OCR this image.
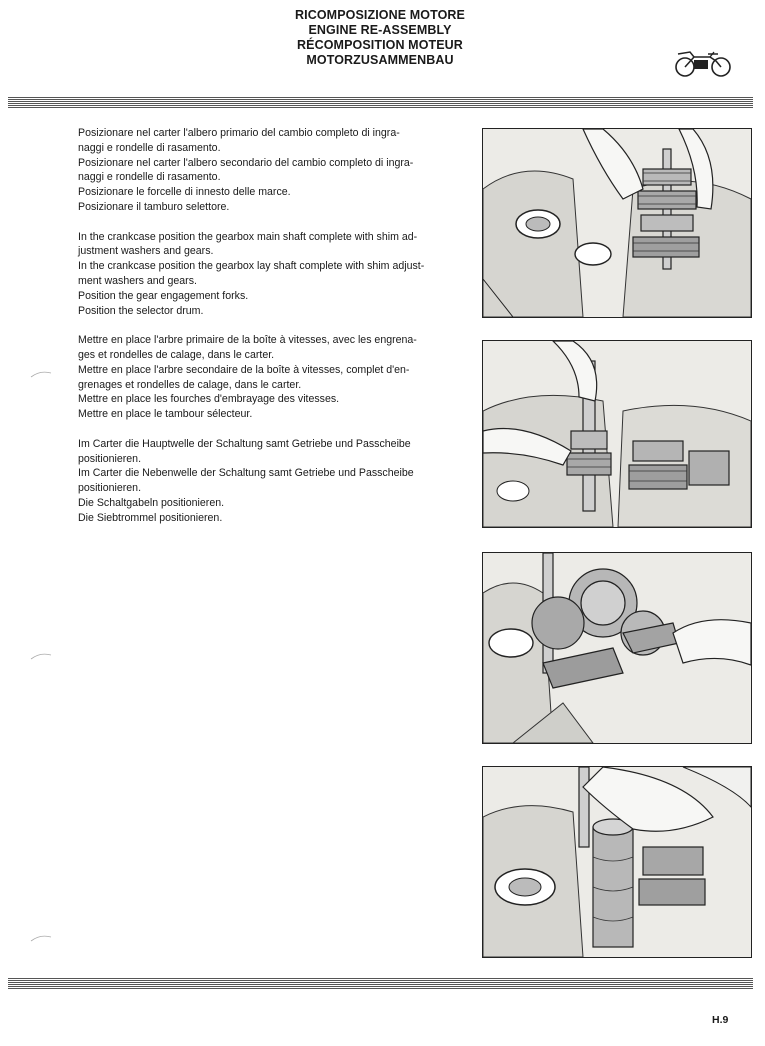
RICOMPOSIZIONE MOTORE
ENGINE RE-ASSEMBLY
RÉCOMPOSITION MOTEUR
MOTORZUSAMMENBAU
Posizionare nel carter l'albero primario del cambio completo di ingra-
naggi e rondelle di rasamento.
Posizionare nel carter l'albero secondario del cambio completo di ingra-
naggi e rondelle di rasamento.
Posizionare le forcelle di innesto delle marce.
Posizionare il tamburo selettore.
In the crankcase position the gearbox main shaft complete with shim ad-
justment washers and gears.
In the crankcase position the gearbox lay shaft complete with shim adjust-
ment washers and gears.
Position the gear engagement forks.
Position the selector drum.
Mettre en place l'arbre primaire de la boîte à vitesses, avec les engrena-
ges et rondelles de calage, dans le carter.
Mettre en place l'arbre secondaire de la boîte à vitesses, complet d'en-
grenages et rondelles de calage, dans le carter.
Mettre en place les fourches d'embrayage des vitesses.
Mettre en place le tambour sélecteur.
Im Carter die Hauptwelle der Schaltung samt Getriebe und Passcheibe
positionieren.
Im Carter die Nebenwelle der Schaltung samt Getriebe und Passcheibe
positionieren.
Die Schaltgabeln positionieren.
Die Siebtrommel positionieren.
H.9
